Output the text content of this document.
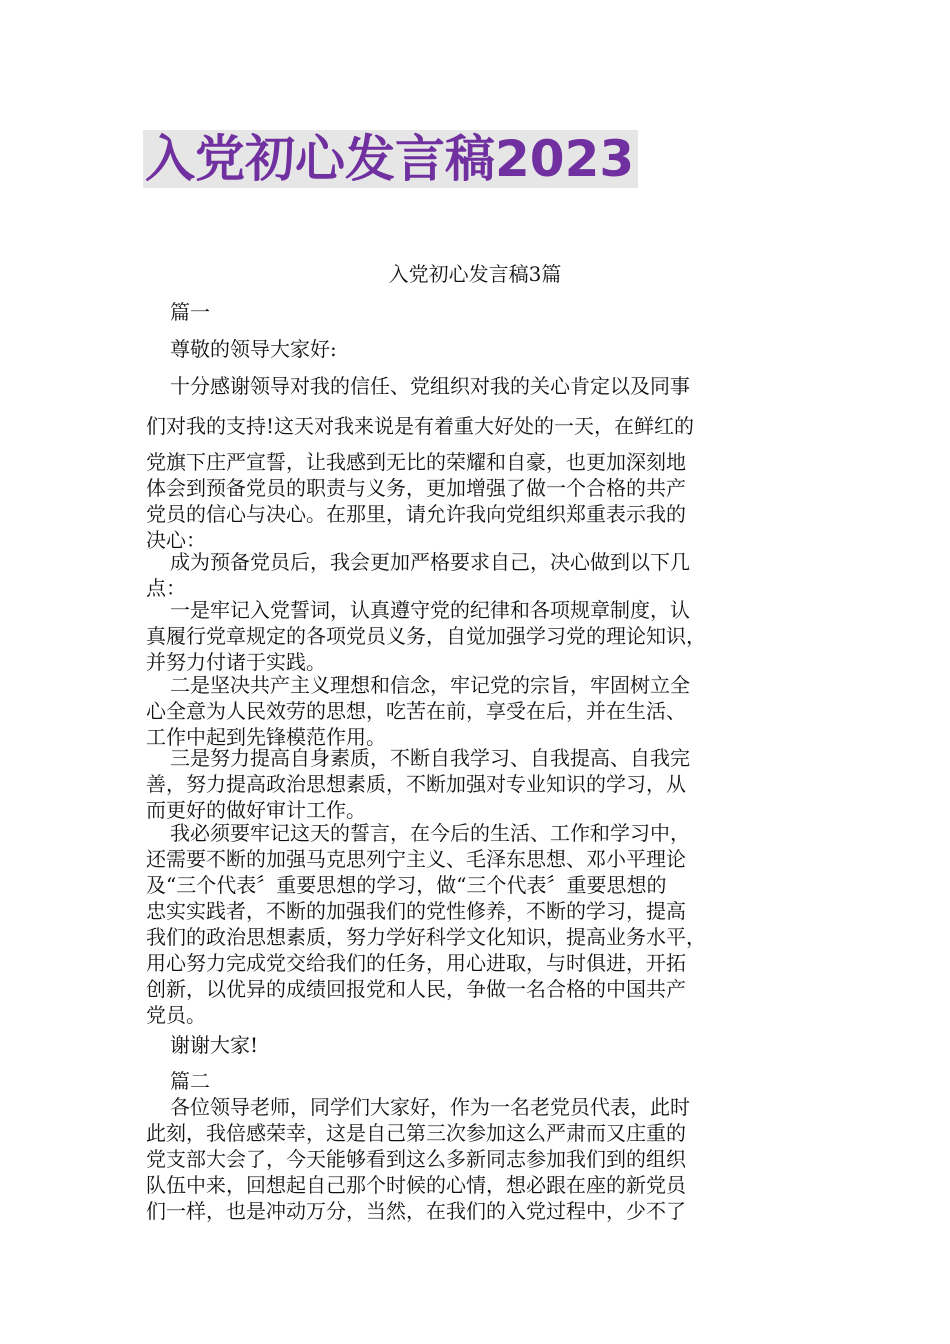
入党初心发言稿2023
入党初心发言稿3篇
篇一
尊敬的领导大家好:
十分感谢领导对我的信任、党组织对我的关心肯定以及同事
们对我的支持!这天对我来说是有着重大好处的一天，在鲜红的
党旗下庄严宣誓，让我感到无比的荣耀和自豪，也更加深刻地
体会到预备党员的职责与义务，更加增强了做一个合格的共产
党员的信心与决心。在那里，请允许我向党组织郑重表示我的
决心：
成为预备党员后，我会更加严格要求自己，决心做到以下几
点：
一是牢记入党誓词，认真遵守党的纪律和各项规章制度，认
真履行党章规定的各项党员义务，自觉加强学习党的理论知识，
并努力付诸于实践。
二是坚决共产主义理想和信念，牢记党的宗旨，牢固树立全
心全意为人民效劳的思想，吃苦在前，享受在后，并在生活、
工作中起到先锋模范作用。
三是努力提高自身素质，不断自我学习、自我提高、自我完
善，努力提高政治思想素质，不断加强对专业知识的学习，从
而更好的做好审计工作。
我必须要牢记这天的誓言，在今后的生活、工作和学习中，
还需要不断的加强马克思列宁主义、毛泽东思想、邓小平理论
及“三个代表〞重要思想的学习，做“三个代表〞重要思想的
忠实实践者，不断的加强我们的党性修养，不断的学习，提高
我们的政治思想素质，努力学好科学文化知识，提高业务水平，
用心努力完成党交给我们的任务，用心进取，与时俱进，开拓
创新，以优异的成绩回报党和人民，争做一名合格的中国共产
党员。
谢谢大家!
篇二
各位领导老师，同学们大家好，作为一名老党员代表，此时
此刻，我倍感荣幸，这是自己第三次参加这么严肃而又庄重的
党支部大会了，今天能够看到这么多新同志参加我们到的组织
队伍中来，回想起自己那个时候的心情，想必跟在座的新党员
们一样，也是冲动万分，当然，在我们的入党过程中，少不了
